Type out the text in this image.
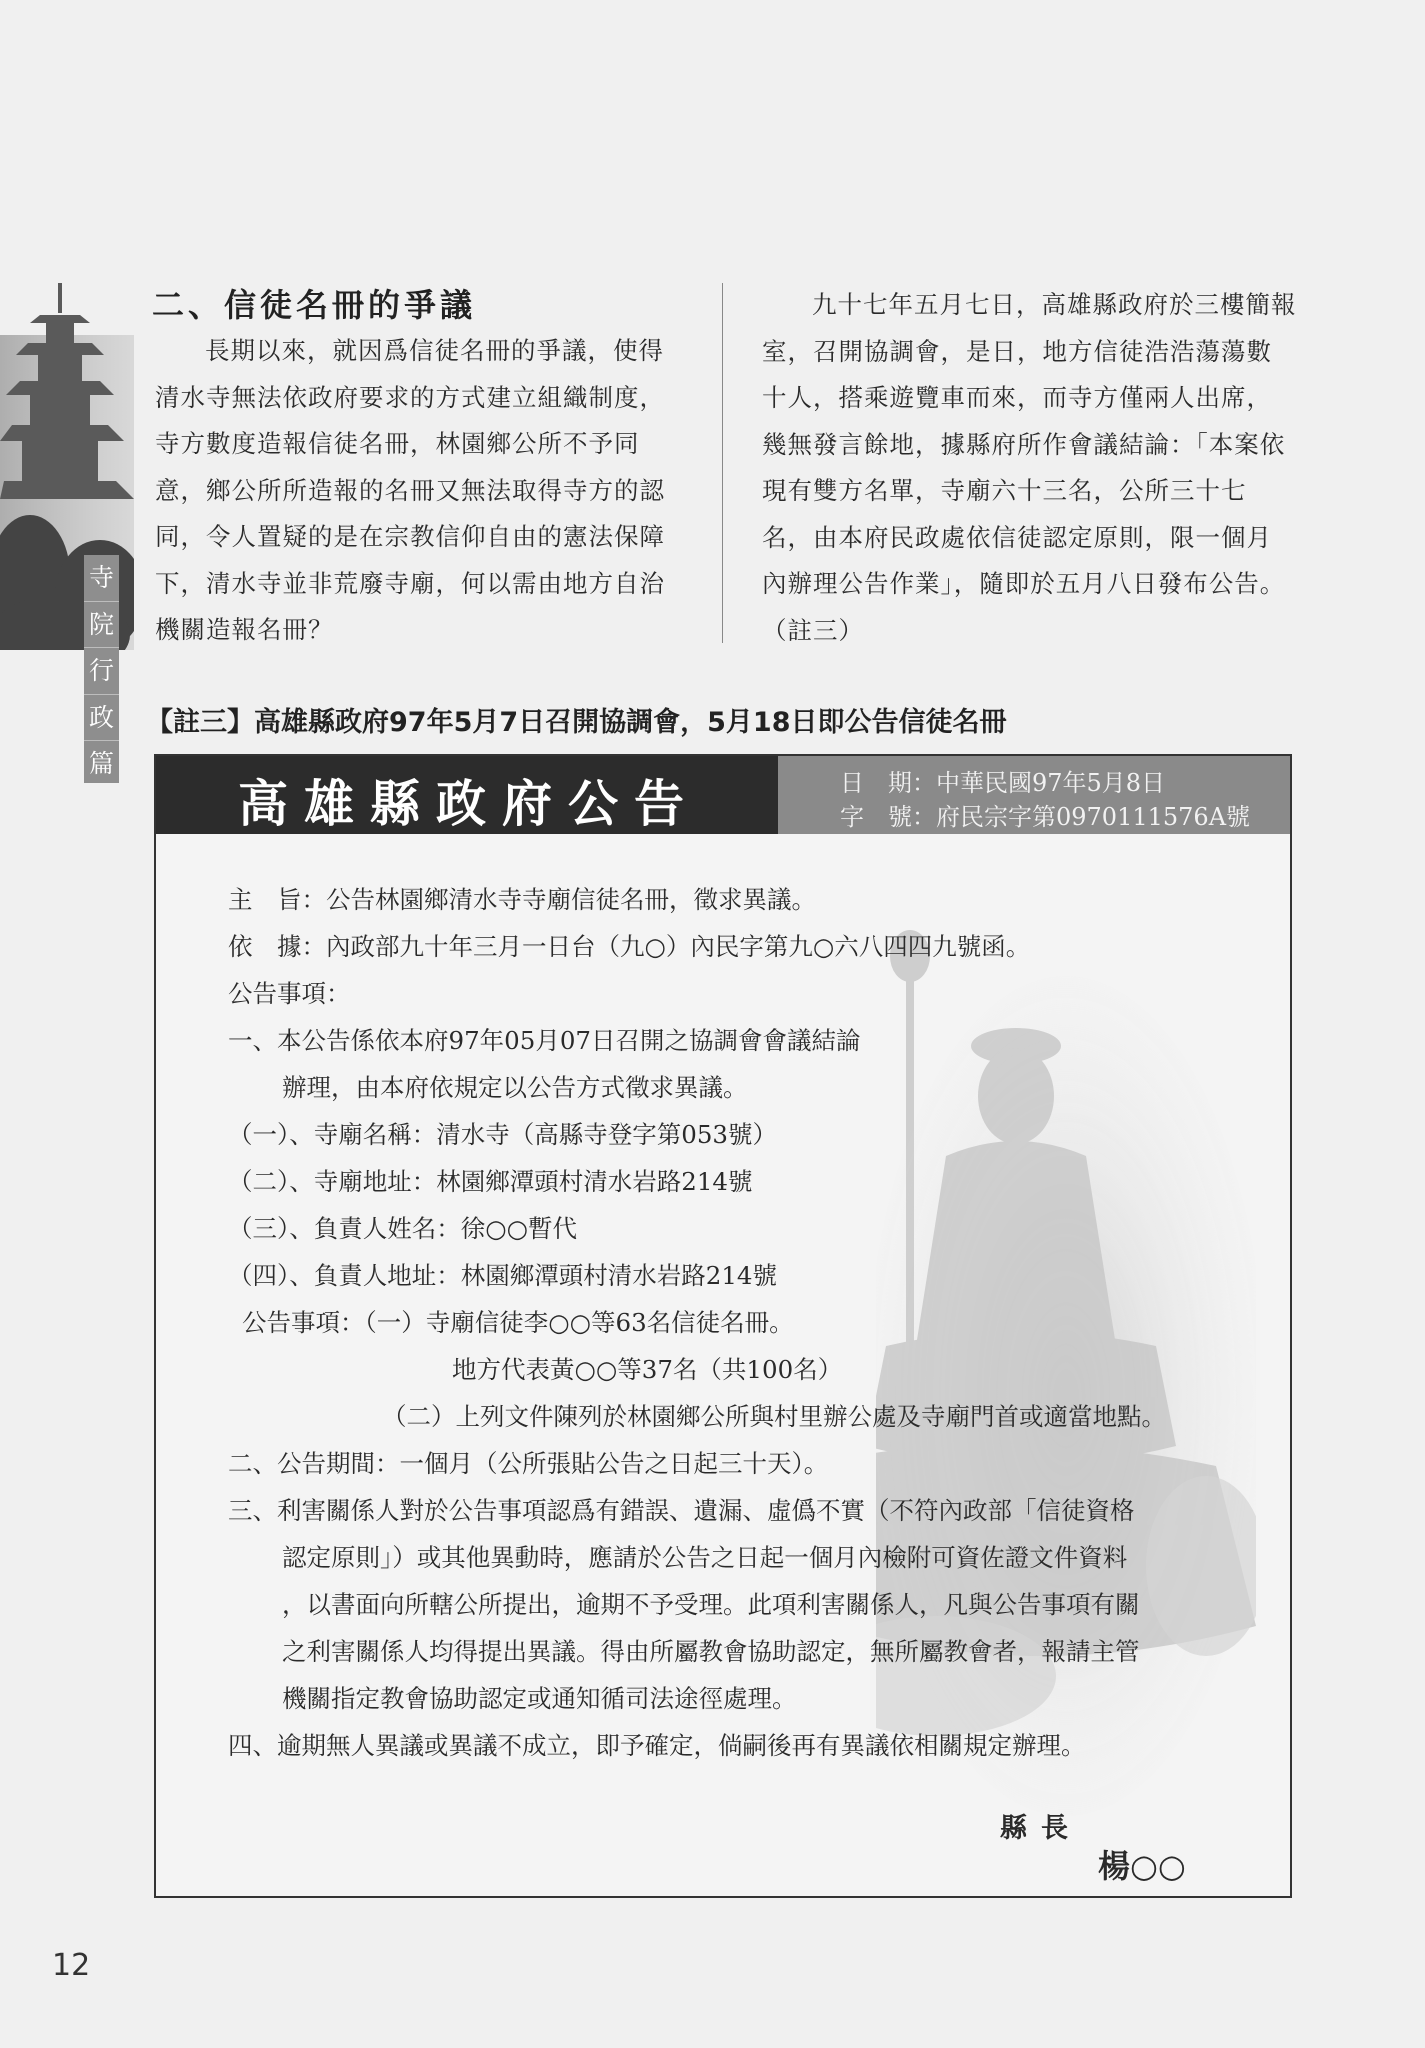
寺
院
行
政
篇
二、信徒名冊的爭議

長期以來，就因爲信徒名冊的爭議，使得清水寺無法依政府要求的方式建立組織制度，寺方數度造報信徒名冊，林園鄉公所不予同意，鄉公所所造報的名冊又無法取得寺方的認同，令人置疑的是在宗教信仰自由的憲法保障下，清水寺並非荒廢寺廟，何以需由地方自治機關造報名冊？

九十七年五月七日，高雄縣政府於三樓簡報室，召開協調會，是日，地方信徒浩浩蕩蕩數十人，搭乘遊覽車而來，而寺方僅兩人出席，幾無發言餘地，據縣府所作會議結論：「本案依現有雙方名單，寺廟六十三名，公所三十七名，由本府民政處依信徒認定原則，限一個月內辦理公告作業」，隨即於五月八日發布公告。（註三）

【註三】高雄縣政府97年5月7日召開協調會，5月18日即公告信徒名冊
高雄縣政府公告	日　期：中華民國97年5月8日
字　號：府民宗字第0970111576A號
主　旨：公告林園鄉清水寺寺廟信徒名冊，徵求異議。
依　據：內政部九十年三月一日台（九○）內民字第九○六八四四九號函。
公告事項：
一、本公告係依本府97年05月07日召開之協調會會議結論
辦理，由本府依規定以公告方式徵求異議。
（一）、寺廟名稱：清水寺（高縣寺登字第053號）
（二）、寺廟地址：林園鄉潭頭村清水岩路214號
（三）、負責人姓名：徐○○暫代
（四）、負責人地址：林園鄉潭頭村清水岩路214號
公告事項：（一）寺廟信徒李○○等63名信徒名冊。
地方代表黃○○等37名（共100名）
（二）上列文件陳列於林園鄉公所與村里辦公處及寺廟門首或適當地點。
二、公告期間：一個月（公所張貼公告之日起三十天）。
三、利害關係人對於公告事項認爲有錯誤、遺漏、虛僞不實（不符內政部「信徒資格
認定原則」）或其他異動時，應請於公告之日起一個月內檢附可資佐證文件資料
，以書面向所轄公所提出，逾期不予受理。此項利害關係人，凡與公告事項有關
之利害關係人均得提出異議。得由所屬教會協助認定，無所屬教會者，報請主管
機關指定教會協助認定或通知循司法途徑處理。
四、逾期無人異議或異議不成立，即予確定，倘嗣後再有異議依相關規定辦理。
縣長
楊○○
12
